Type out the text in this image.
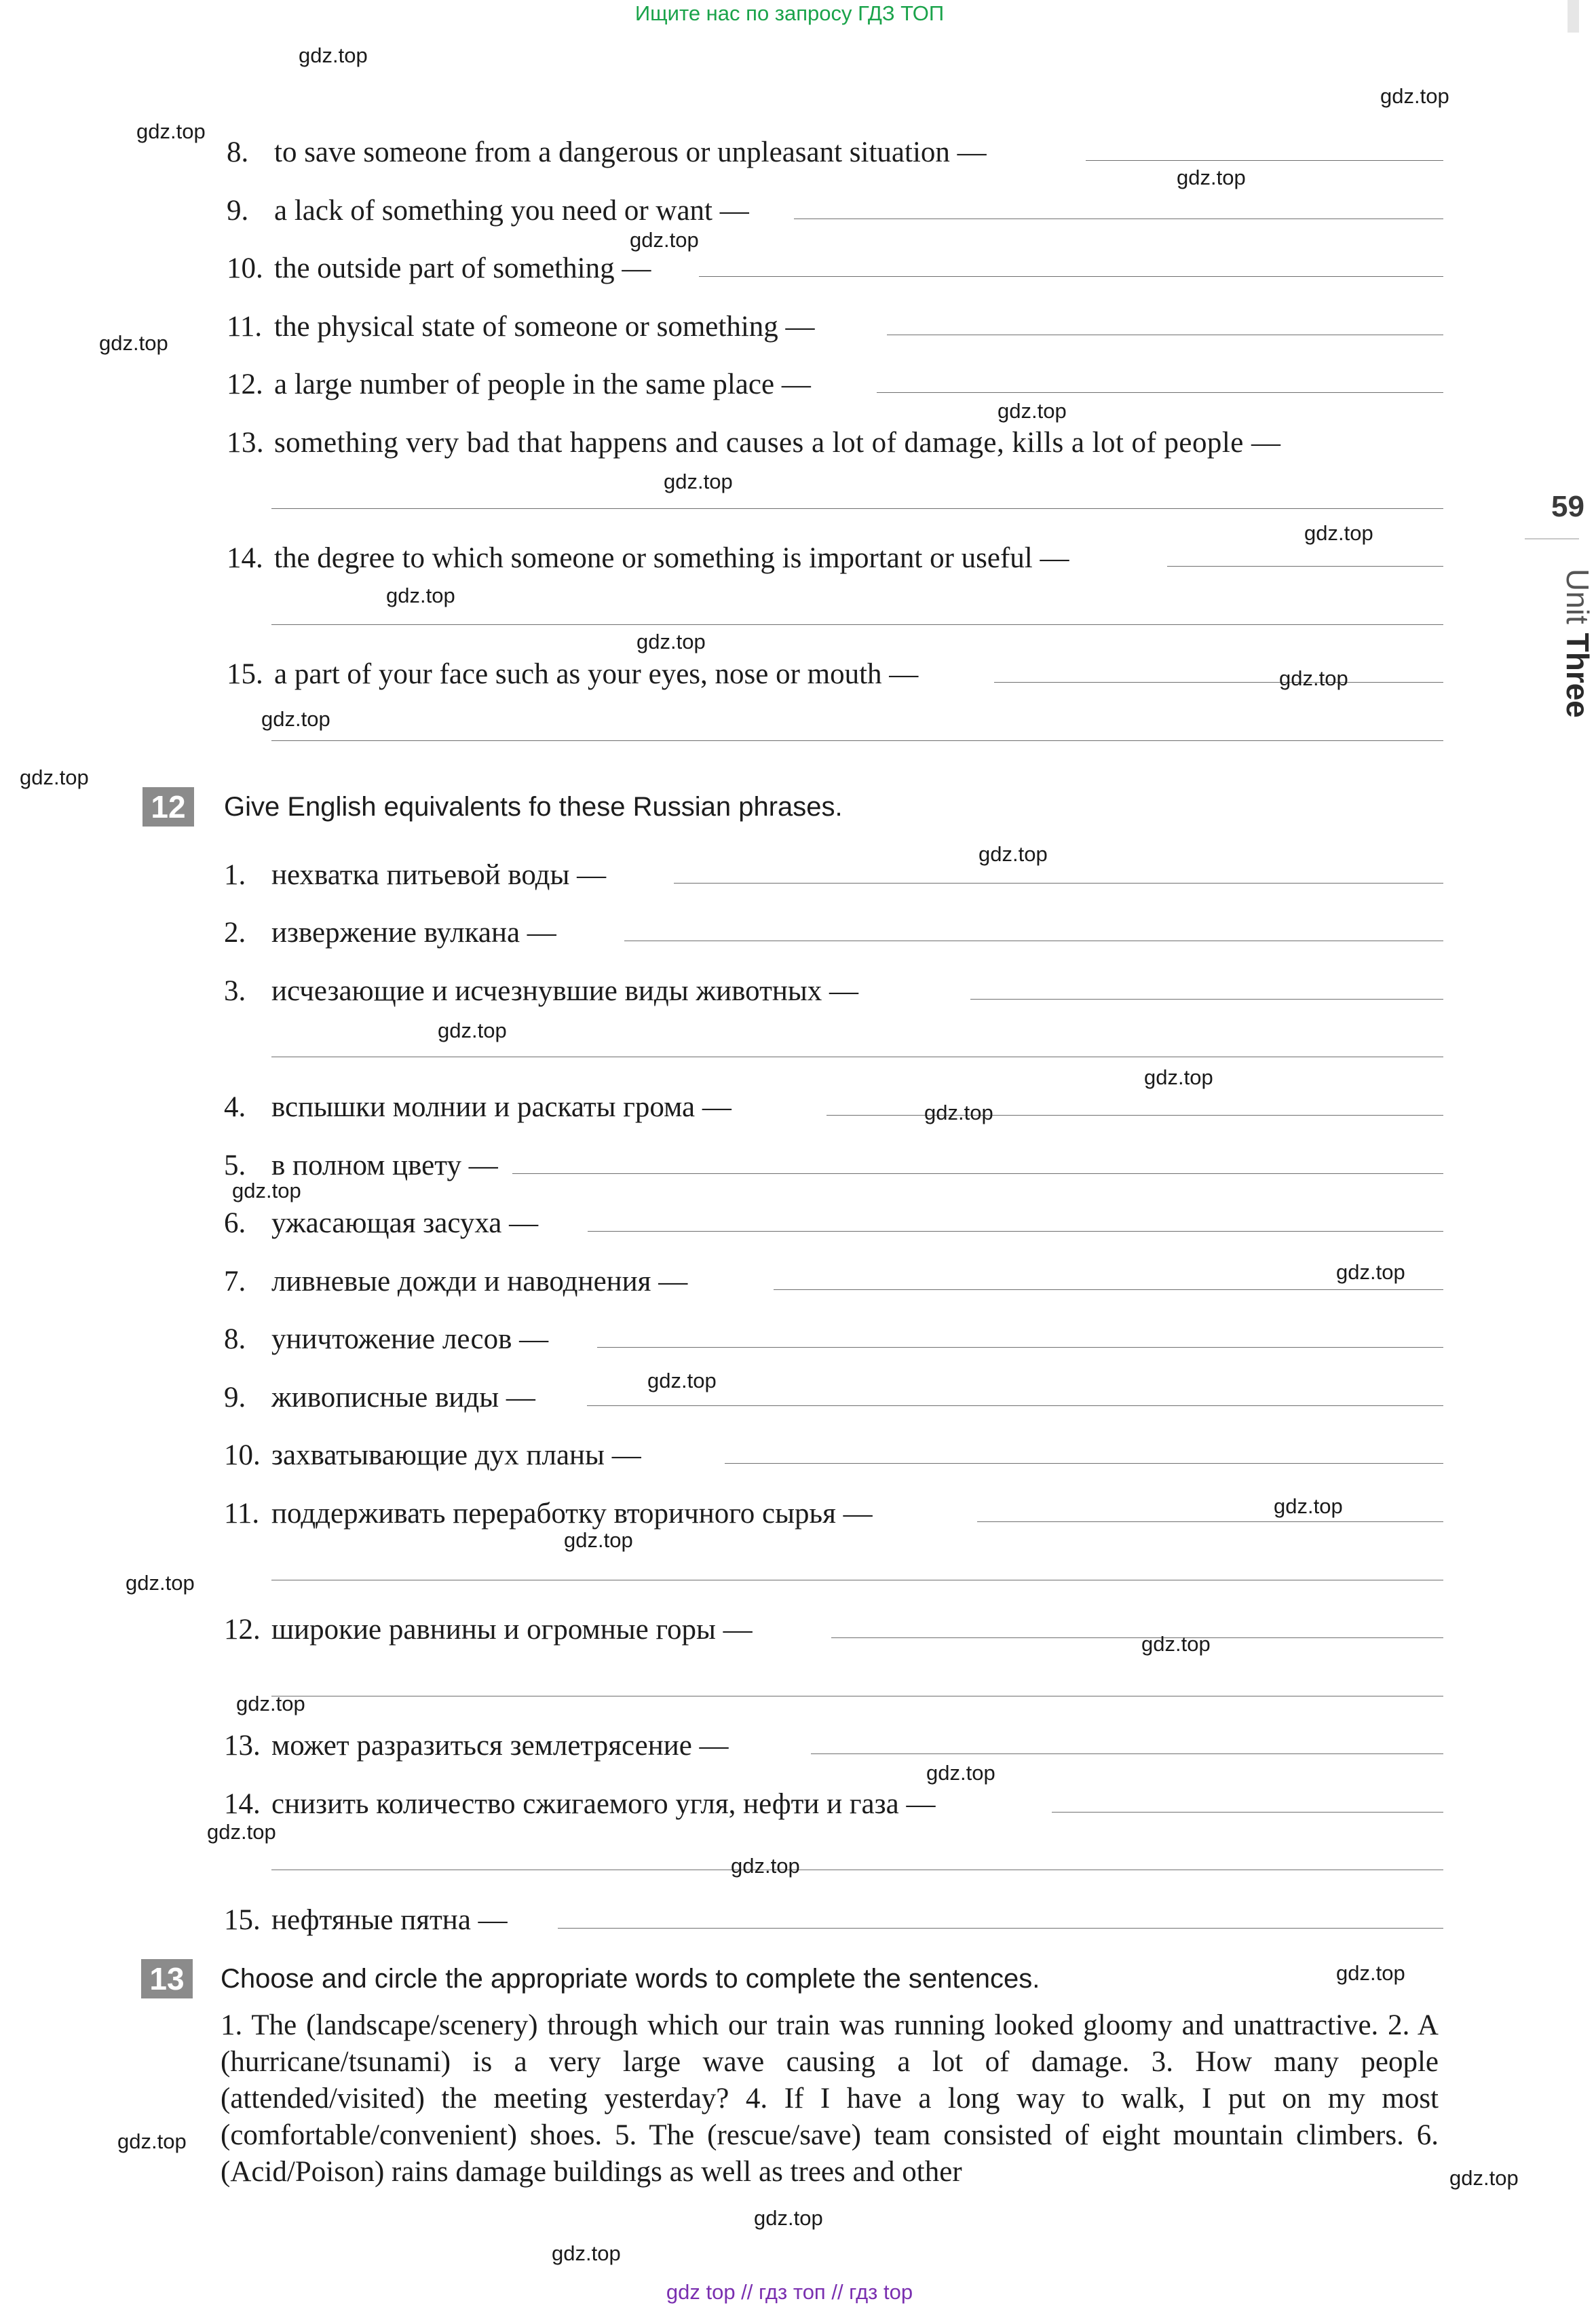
Ищите нас по запросу ГДЗ ТОП
8. to save someone from a dangerous or unpleasant situation —
9. a lack of something you need or want —
10. the outside part of something —
11. the physical state of someone or something —
12. a large number of people in the same place —
13. something very bad that happens and causes a lot of damage, kills a lot of people —
14. the degree to which someone or something is important or useful —
15. a part of your face such as your eyes, nose or mouth —
12	Give English equivalents fo these Russian phrases.
1. нехватка питьевой воды —
2. извержение вулкана —
3. исчезающие и исчезнувшие виды животных —
4. вспышки молнии и раскаты грома —
5. в полном цвету —
6. ужасающая засуха —
7. ливневые дожди и наводнения —
8. уничтожение лесов —
9. живописные виды —
10. захватывающие дух планы —
11. поддерживать переработку вторичного сырья —
12. широкие равнины и огромные горы —
13. может разразиться землетрясение —
14. снизить количество сжигаемого угля, нефти и газа —
15. нефтяные пятна —
13	Choose and circle the appropriate words to complete the sentences.
1. The (landscape/scenery) through which our train was running looked gloomy and unattractive. 2. A (hurricane/tsunami) is a very large wave causing a lot of damage. 3. How many people (attended/visited) the meeting yesterday? 4. If I have a long way to walk, I put on my most (comfortable/convenient) shoes. 5. The (rescue/save) team consisted of eight mountain climbers. 6. (Acid/Poison) rains damage buildings as well as trees and other
59
Unit Three
gdz.top
gdz.top
gdz.top
gdz.top
gdz.top
gdz.top
gdz.top
gdz.top
gdz.top
gdz.top
gdz.top
gdz.top
gdz.top
gdz.top
gdz.top
gdz.top
gdz.top
gdz.top
gdz.top
gdz.top
gdz.top
gdz.top
gdz.top
gdz.top
gdz.top
gdz.top
gdz.top
gdz.top
gdz.top
gdz.top
gdz.top
gdz.top
gdz.top
gdz.top
gdz top // гдз топ // гдз top
